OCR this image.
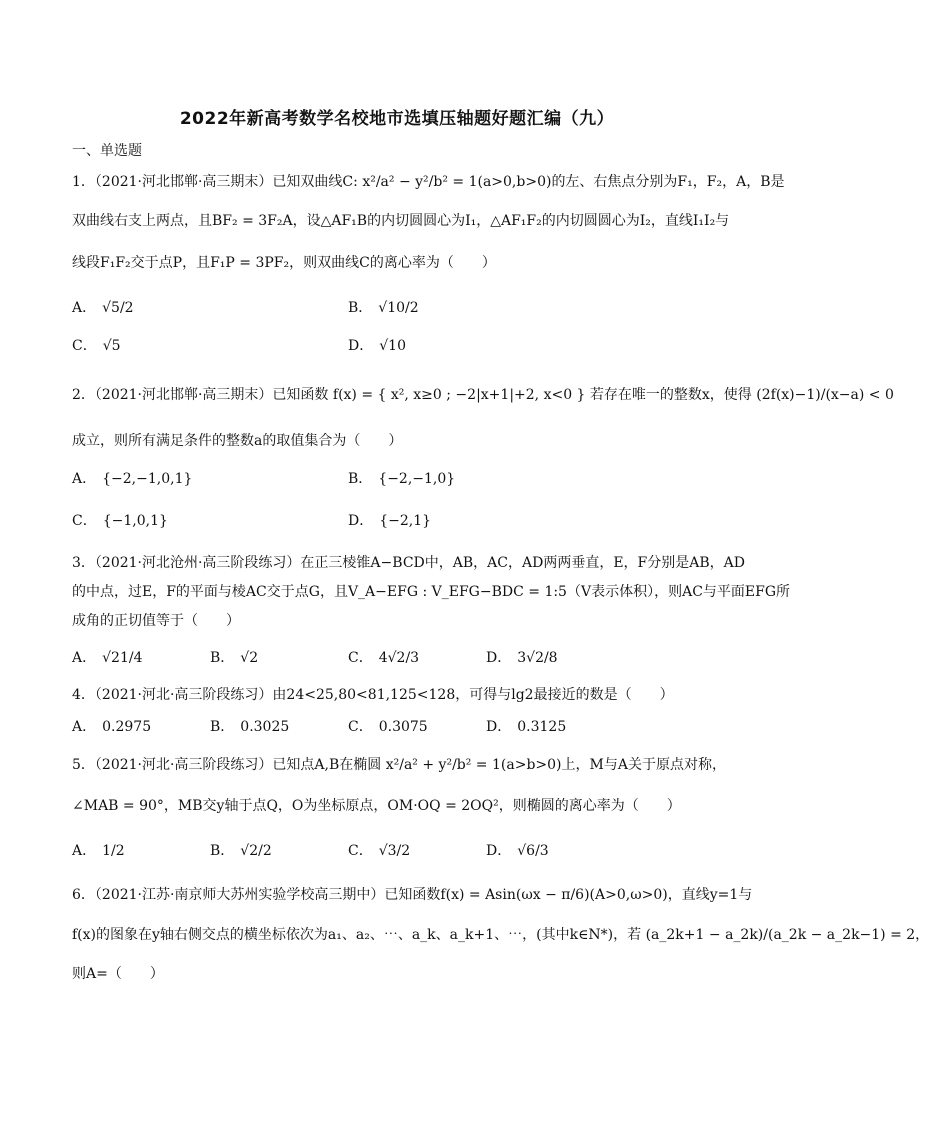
2022年新高考数学名校地市选填压轴题好题汇编（九）
一、单选题
1．（2021·河北邯郸·高三期末）已知双曲线C: x²/a² − y²/b² = 1(a>0,b>0)的左、右焦点分别为F₁，F₂，A，B是
双曲线右支上两点，且BF₂ = 3F₂A，设△AF₁B的内切圆圆心为I₁，△AF₁F₂的内切圆圆心为I₂，直线I₁I₂与
线段F₁F₂交于点P，且F₁P = 3PF₂，则双曲线C的离心率为（　　）
A． √5/2	B． √10/2
C． √5	D． √10
2．（2021·河北邯郸·高三期末）已知函数 f(x) = { x², x≥0 ; −2|x+1|+2, x<0 } 若存在唯一的整数x，使得 (2f(x)−1)/(x−a) < 0
成立，则所有满足条件的整数a的取值集合为（　　）
A． {−2,−1,0,1}	B． {−2,−1,0}
C． {−1,0,1}	D． {−2,1}
3．（2021·河北沧州·高三阶段练习）在正三棱锥A−BCD中，AB，AC，AD两两垂直，E，F分别是AB，AD
的中点，过E，F的平面与棱AC交于点G，且V_A−EFG : V_EFG−BDC = 1:5（V表示体积），则AC与平面EFG所
成角的正切值等于（　　）
A． √21/4	B． √2	C． 4√2/3	D． 3√2/8
4．（2021·河北·高三阶段练习）由24<25,80<81,125<128，可得与lg2最接近的数是（　　）
A． 0.2975	B． 0.3025	C． 0.3075	D． 0.3125
5．（2021·河北·高三阶段练习）已知点A,B在椭圆 x²/a² + y²/b² = 1(a>b>0)上，M与A关于原点对称，
∠MAB = 90°，MB交y轴于点Q，O为坐标原点，OM·OQ = 2OQ²，则椭圆的离心率为（　　）
A． 1/2	B． √2/2	C． √3/2	D． √6/3
6．（2021·江苏·南京师大苏州实验学校高三期中）已知函数f(x) = Asin(ωx − π/6)(A>0,ω>0)，直线y=1与
f(x)的图象在y轴右侧交点的横坐标依次为a₁、a₂、⋯、a_k、a_k+1、⋯，(其中k∈N*)，若 (a_2k+1 − a_2k)/(a_2k − a_2k−1) = 2，
则A=（　　）
